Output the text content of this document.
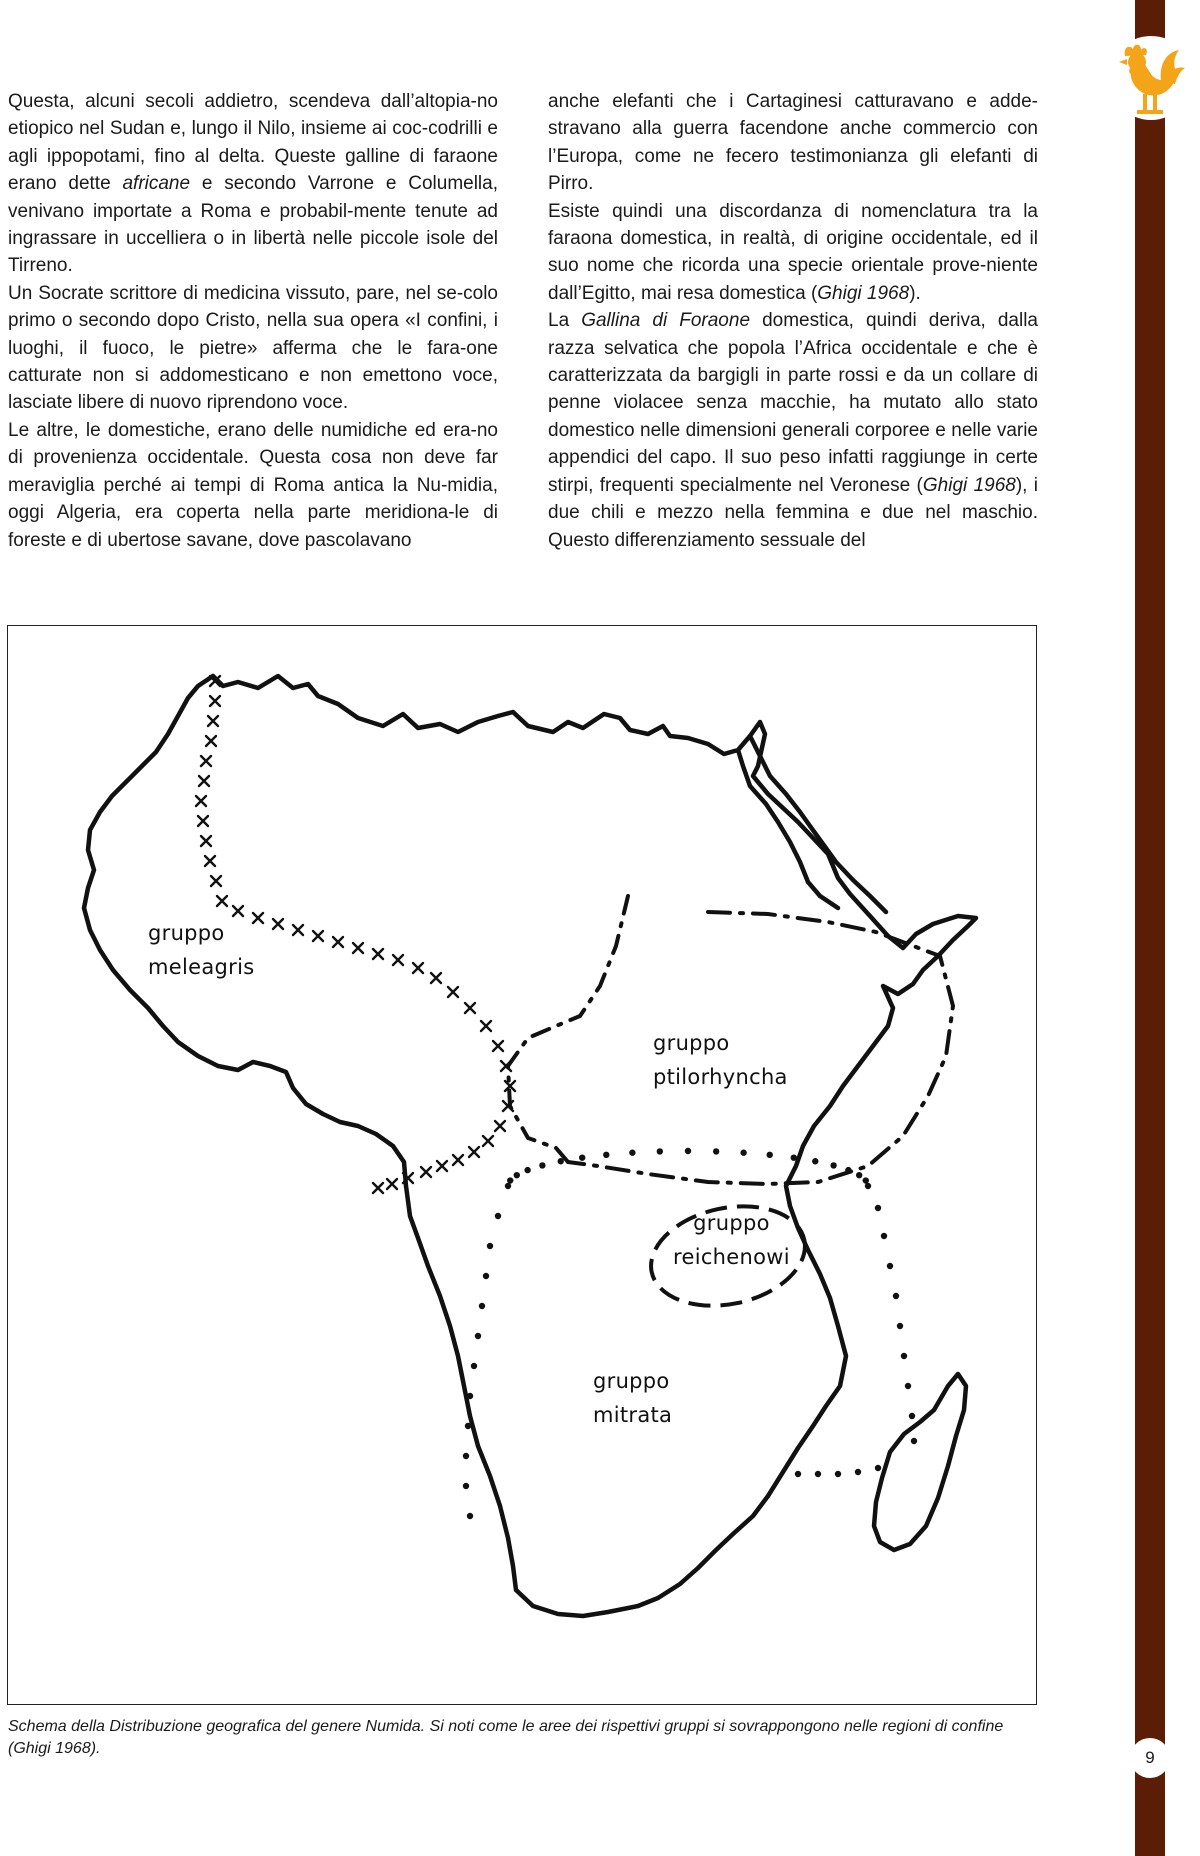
Questa, alcuni secoli addietro, scendeva dall’altopia-no etiopico nel Sudan e, lungo il Nilo, insieme ai coc-codrilli e agli ippopotami, fino al delta. Queste galline di faraone erano dette africane e secondo Varrone e Columella, venivano importate a Roma e probabil-mente tenute ad ingrassare in uccelliera o in libertà nelle piccole isole del Tirreno.

Un Socrate scrittore di medicina vissuto, pare, nel se-colo primo o secondo dopo Cristo, nella sua opera «I confini, i luoghi, il fuoco, le pietre» afferma che le fara-one catturate non si addomesticano e non emettono voce, lasciate libere di nuovo riprendono voce.

Le altre, le domestiche, erano delle numidiche ed era-no di provenienza occidentale. Questa cosa non deve far meraviglia perché ai tempi di Roma antica la Nu-midia, oggi Algeria, era coperta nella parte meridiona-le di foreste e di ubertose savane, dove pascolavano

anche elefanti che i Cartaginesi catturavano e adde-stravano alla guerra facendone anche commercio con l’Europa, come ne fecero testimonianza gli elefanti di Pirro.

Esiste quindi una discordanza di nomenclatura tra la faraona domestica, in realtà, di origine occidentale, ed il suo nome che ricorda una specie orientale prove-niente dall’Egitto, mai resa domestica (Ghigi 1968).

La Gallina di Foraone domestica, quindi deriva, dalla razza selvatica che popola l’Africa occidentale e che è caratterizzata da bargigli in parte rossi e da un collare di penne violacee senza macchie, ha mutato allo stato domestico nelle dimensioni generali corporee e nelle varie appendici del capo. Il suo peso infatti raggiunge in certe stirpi, frequenti specialmente nel Veronese (Ghigi 1968), i due chili e mezzo nella femmina e due nel maschio. Questo differenziamento sessuale del

gruppo
meleagris
gruppo
ptilorhyncha
gruppo
reichenowi
gruppo
mitrata
Schema della Distribuzione geografica del genere Numida. Si noti come le aree dei rispettivi gruppi si sovrappongono nelle regioni di confine (Ghigi 1968).	9
